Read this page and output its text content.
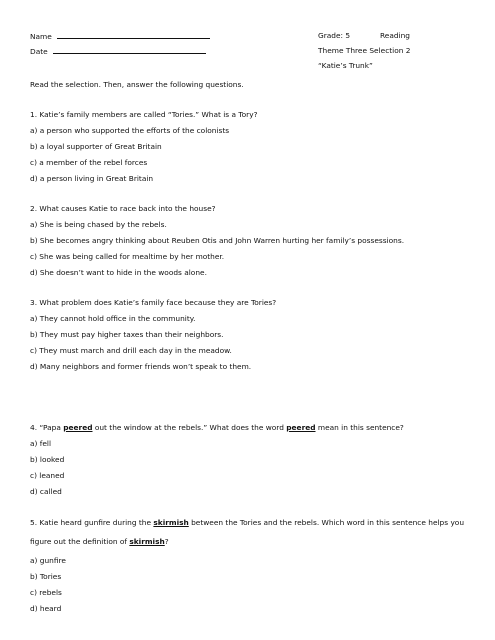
Name
Date
Grade: 5	Reading
Theme Three Selection 2
“Katie’s Trunk”
Read the selection. Then, answer the following questions.
1. Katie’s family members are called “Tories.” What is a Tory?
a) a person who supported the efforts of the colonists
b) a loyal supporter of Great Britain
c) a member of the rebel forces
d) a person living in Great Britain
2. What causes Katie to race back into the house?
a) She is being chased by the rebels.
b) She becomes angry thinking about Reuben Otis and John Warren hurting her family’s possessions.
c) She was being called for mealtime by her mother.
d) She doesn’t want to hide in the woods alone.
3. What problem does Katie’s family face because they are Tories?
a) They cannot hold office in the community.
b) They must pay higher taxes than their neighbors.
c) They must march and drill each day in the meadow.
d) Many neighbors and former friends won’t speak to them.
4. “Papa peered out the window at the rebels.” What does the word peered mean in this sentence?
a) fell
b) looked
c) leaned
d) called
5. Katie heard gunfire during the skirmish between the Tories and the rebels. Which word in this sentence helps you
figure out the definition of skirmish?
a) gunfire
b) Tories
c) rebels
d) heard
